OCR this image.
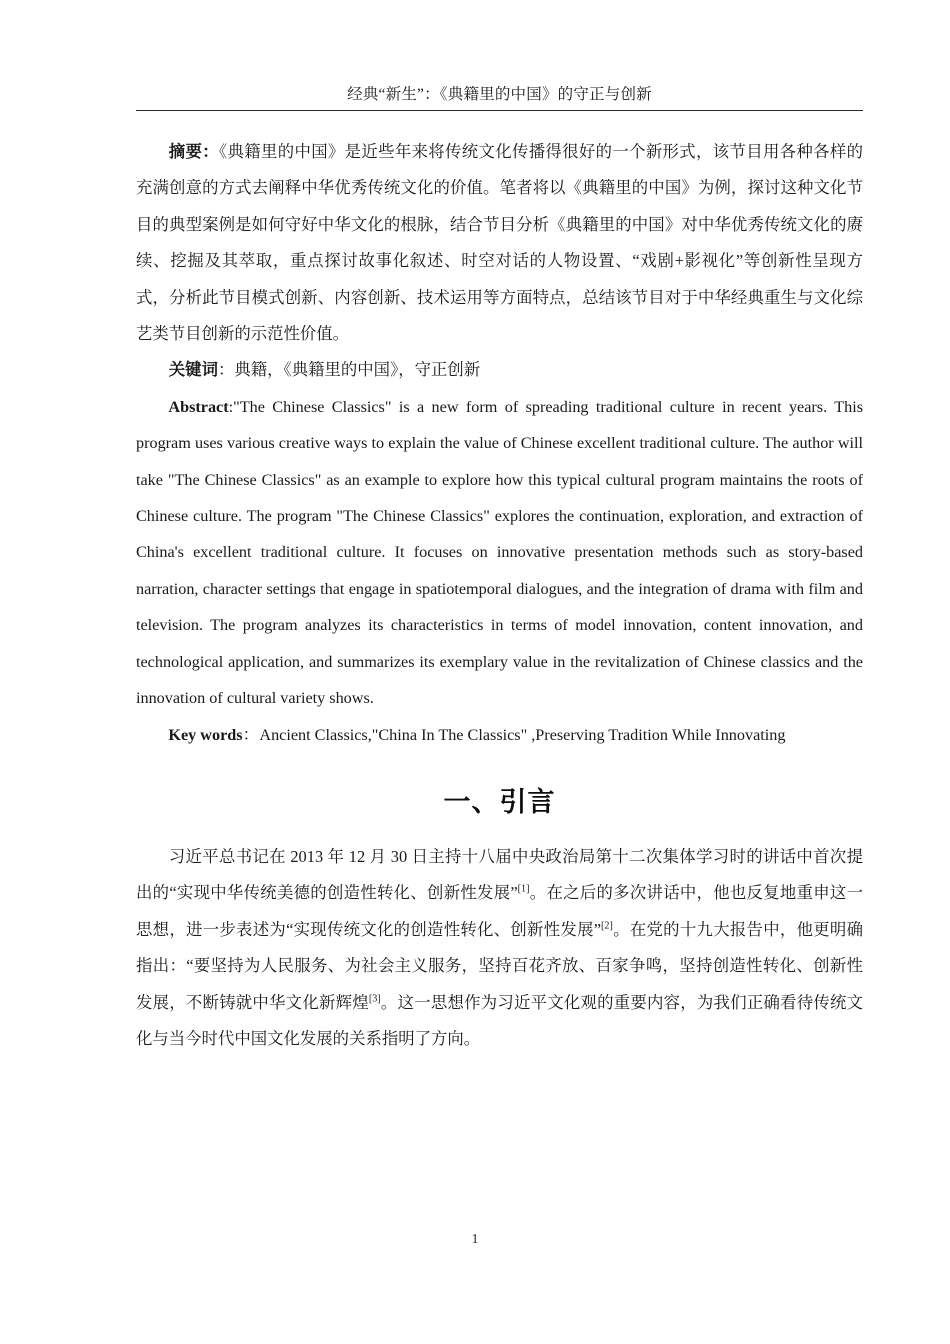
经典“新生”：《典籍里的中国》的守正与创新

摘要：《典籍里的中国》是近些年来将传统文化传播得很好的一个新形式，该节目用各种各样的充满创意的方式去阐释中华优秀传统文化的价值。笔者将以《典籍里的中国》为例，探讨这种文化节目的典型案例是如何守好中华文化的根脉，结合节目分析《典籍里的中国》对中华优秀传统文化的赓续、挖掘及其萃取，重点探讨故事化叙述、时空对话的人物设置、“戏剧+影视化”等创新性呈现方式，分析此节目模式创新、内容创新、技术运用等方面特点，总结该节目对于中华经典重生与文化综艺类节目创新的示范性价值。

关键词：典籍，《典籍里的中国》，守正创新

Abstract:"The Chinese Classics" is a new form of spreading traditional culture in recent years. This program uses various creative ways to explain the value of Chinese excellent traditional culture. The author will take "The Chinese Classics" as an example to explore how this typical cultural program maintains the roots of Chinese culture. The program "The Chinese Classics" explores the continuation, exploration, and extraction of China's excellent traditional culture. It focuses on innovative presentation methods such as story-based narration, character settings that engage in spatiotemporal dialogues, and the integration of drama with film and television. The program analyzes its characteristics in terms of model innovation, content innovation, and technological application, and summarizes its exemplary value in the revitalization of Chinese classics and the innovation of cultural variety shows.

Key words：Ancient Classics,"China In The Classics" ,Preserving Tradition While Innovating

一、引言

习近平总书记在 2013 年 12 月 30 日主持十八届中央政治局第十二次集体学习时的讲话中首次提出的“实现中华传统美德的创造性转化、创新性发展”[1]。在之后的多次讲话中，他也反复地重申这一思想，进一步表述为“实现传统文化的创造性转化、创新性发展”[2]。在党的十九大报告中，他更明确指出：“要坚持为人民服务、为社会主义服务，坚持百花齐放、百家争鸣，坚持创造性转化、创新性发展，不断铸就中华文化新辉煌[3]。这一思想作为习近平文化观的重要内容，为我们正确看待传统文化与当今时代中国文化发展的关系指明了方向。

1
